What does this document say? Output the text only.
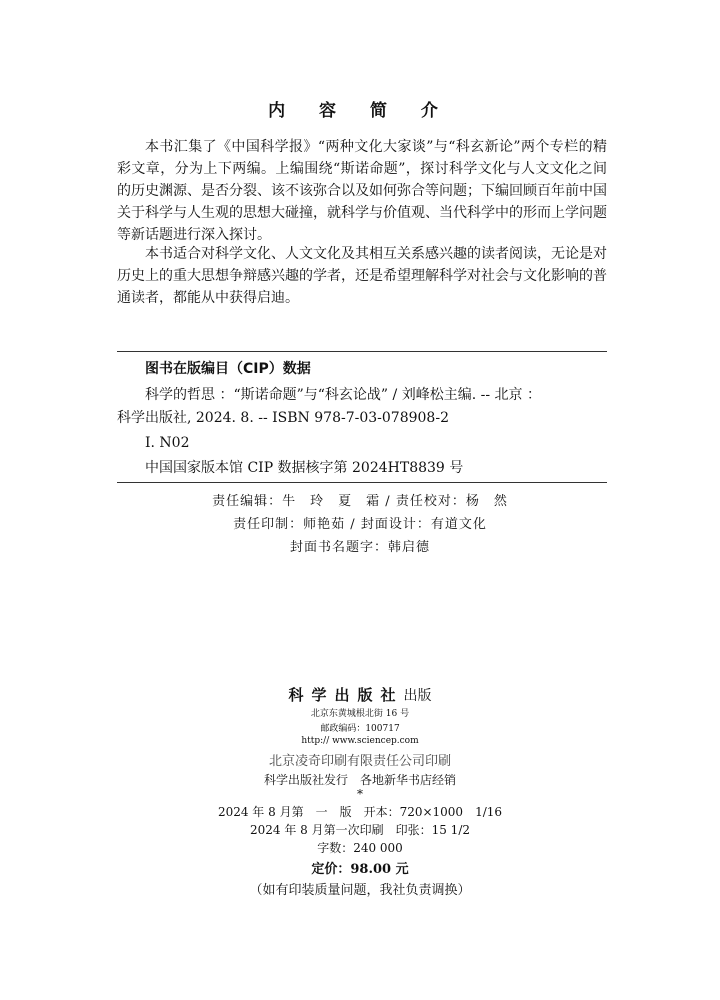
内 容 简 介

本书汇集了《中国科学报》“两种文化大家谈”与“科玄新论”两个专栏的精彩文章，分为上下两编。上编围绕“斯诺命题”，探讨科学文化与人文文化之间的历史渊源、是否分裂、该不该弥合以及如何弥合等问题；下编回顾百年前中国关于科学与人生观的思想大碰撞，就科学与价值观、当代科学中的形而上学问题等新话题进行深入探讨。

本书适合对科学文化、人文文化及其相互关系感兴趣的读者阅读，无论是对历史上的重大思想争辩感兴趣的学者，还是希望理解科学对社会与文化影响的普通读者，都能从中获得启迪。

图书在版编目（CIP）数据
科学的哲思 ：“斯诺命题”与“科玄论战” / 刘峰松主编. -- 北京 ：
科学出版社, 2024. 8. -- ISBN 978-7-03-078908-2
Ⅰ. N02
中国国家版本馆 CIP 数据核字第 2024HT8839 号
责任编辑：牛　玲　夏　霜 / 责任校对：杨　然
责任印制：师艳茹 / 封面设计：有道文化
封面书名题字：韩启德
科学出版社出版
北京东黄城根北街 16 号
邮政编码：100717
http:// www.sciencep.com
北京凌奇印刷有限责任公司印刷
科学出版社发行　各地新华书店经销
*
2024 年 8 月第　一　版　开本：720×1000　1/16
2024 年 8 月第一次印刷　印张：15 1/2
字数：240 000
定价：98.00 元
（如有印装质量问题，我社负责调换）
